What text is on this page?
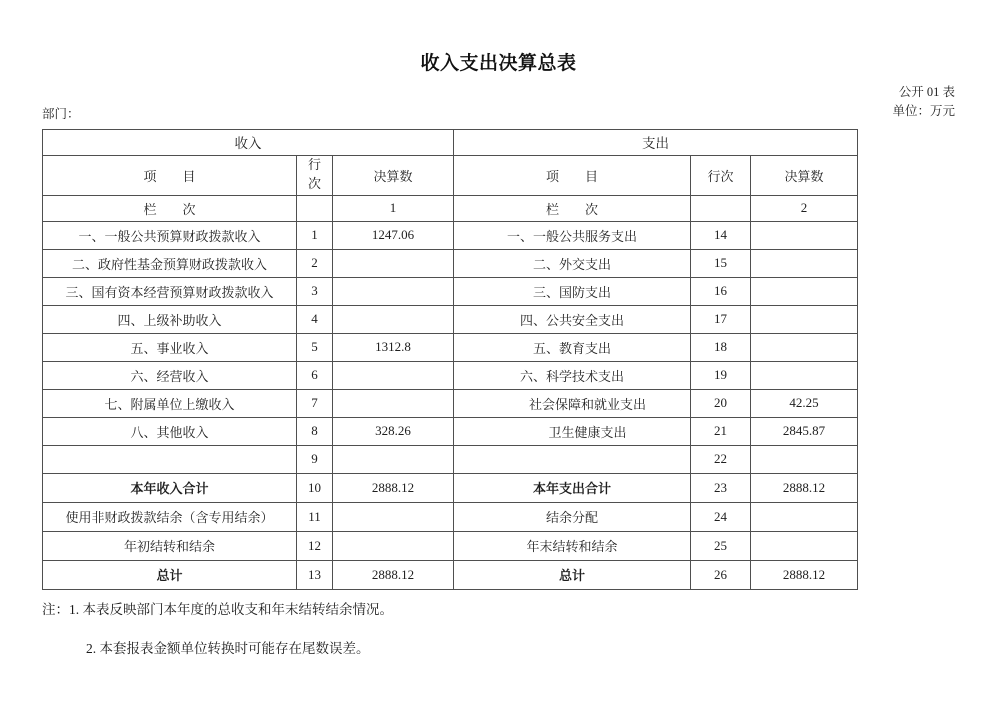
收入支出决算总表
部门：
公开 01 表
单位：万元
收入			支出		
项　　目	行次	决算数	项　　目	行次	决算数
栏　　次		1	栏　　次		2
一、一般公共预算财政拨款收入	1	1247.06	一、一般公共服务支出	14	
二、政府性基金预算财政拨款收入	2		二、外交支出	15	
三、国有资本经营预算财政拨款收入	3		三、国防支出	16	
四、上级补助收入	4		四、公共安全支出	17	
五、事业收入	5	1312.8	五、教育支出	18	
六、经营收入	6		六、科学技术支出	19	
七、附属单位上缴收入	7		社会保障和就业支出	20	42.25
八、其他收入	8	328.26	卫生健康支出	21	2845.87
	9			22	
本年收入合计	10	2888.12	本年支出合计	23	2888.12
使用非财政拨款结余（含专用结余）	11		结余分配	24	
年初结转和结余	12		年末结转和结余	25	
总计	13	2888.12	总计	26	2888.12

注：1. 本表反映部门本年度的总收支和年末结转结余情况。

2. 本套报表金额单位转换时可能存在尾数误差。
